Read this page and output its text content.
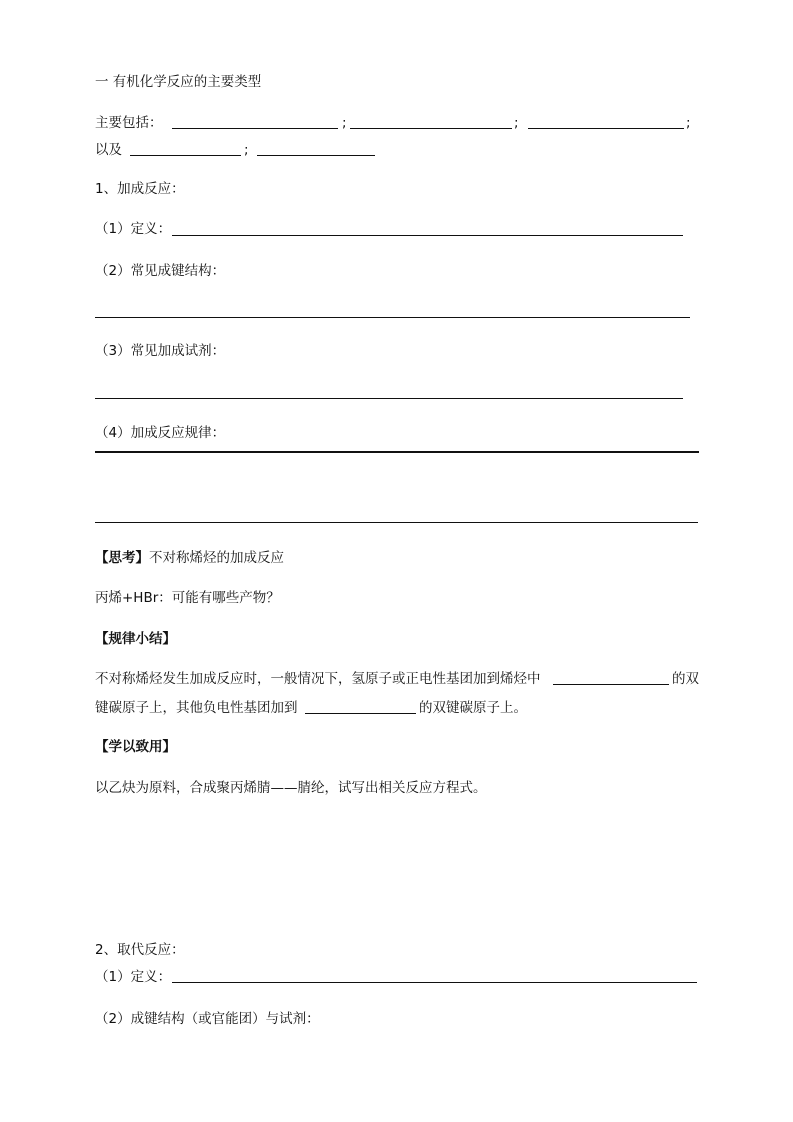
一 有机化学反应的主要类型
主要包括：	;	;	;
以及	;
1、加成反应：
（1）定义：
（2）常见成键结构：
（3）常见加成试剂：
（4）加成反应规律：
【思考】不对称烯烃的加成反应
丙烯+HBr：可能有哪些产物？
【规律小结】
不对称烯烃发生加成反应时，一般情况下，氢原子或正电性基团加到烯烃中	的双
键碳原子上，其他负电性基团加到	的双键碳原子上。
【学以致用】
以乙炔为原料，合成聚丙烯腈——腈纶，试写出相关反应方程式。
2、取代反应：
（1）定义：
（2）成键结构（或官能团）与试剂：
